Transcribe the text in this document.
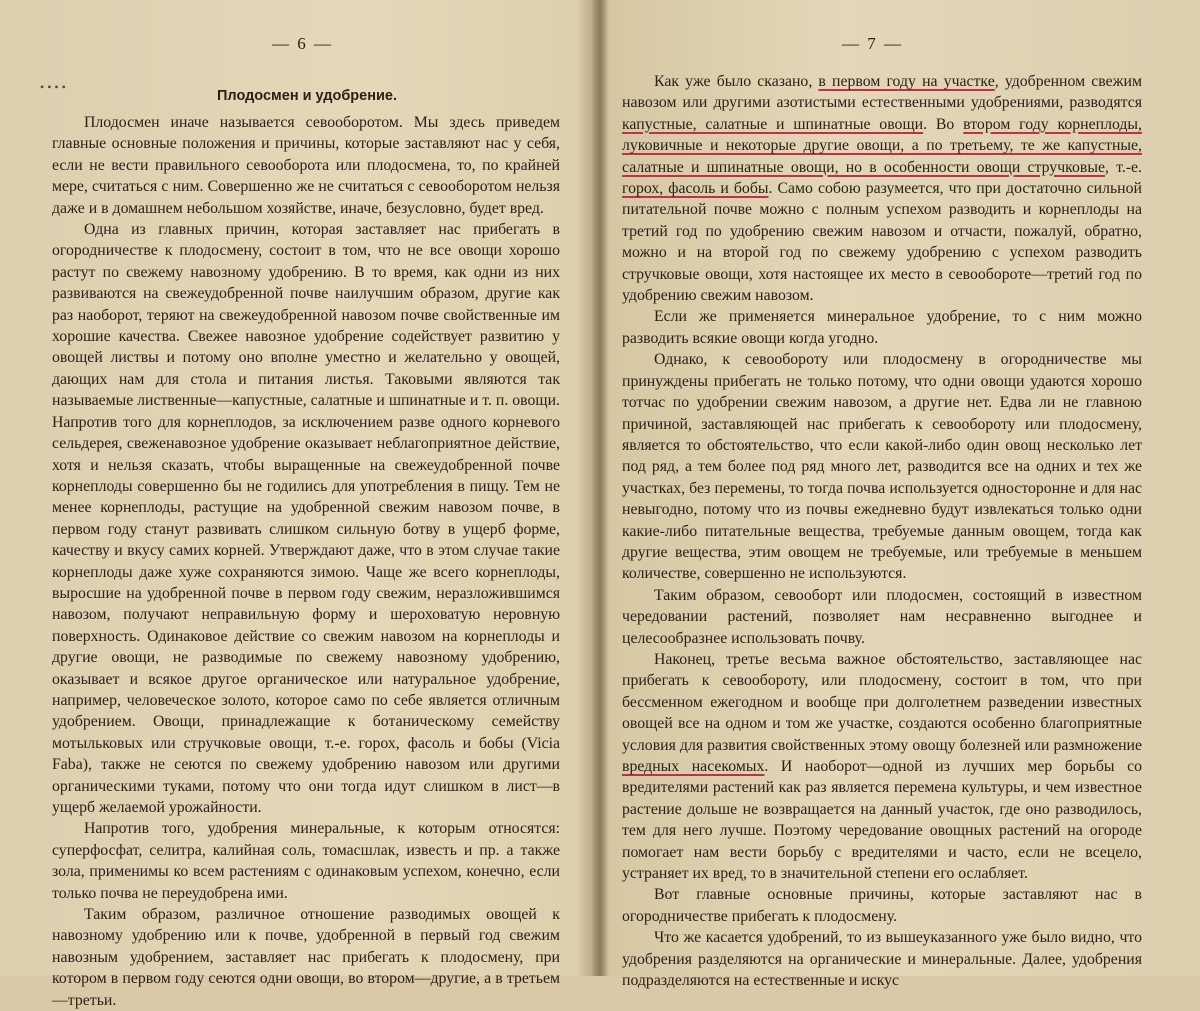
— 6 —
• • • •
Плодосмен и удобрение.

Плодосмен иначе называется севооборотом. Мы здесь приведем главные основные положения и причины, которые заставляют нас у себя, если не вести правильного севооборота или плодосмена, то, по крайней мере, считаться с ним. Совершенно же не считаться с севооборотом нельзя даже и в домашнем небольшом хозяйстве, иначе, безусловно, будет вред.

Одна из главных причин, которая заставляет нас прибегать в огородничестве к плодосмену, состоит в том, что не все овощи хорошо растут по свежему навозному удобрению. В то время, как одни из них развиваются на свежеудобренной почве наилучшим образом, другие как раз наоборот, теряют на свежеудобренной навозом почве свойственные им хорошие качества. Свежее навозное удобрение содействует развитию у овощей листвы и потому оно вполне уместно и желательно у овощей, дающих нам для стола и питания листья. Таковыми являются так называемые лиственные—капустные, салатные и шпинатные и т. п. овощи. Напротив того для корнеплодов, за исключением разве одного корневого сельдерея, свеженавозное удобрение оказывает неблагоприятное действие, хотя и нельзя сказать, чтобы выращенные на свежеудобренной почве корнеплоды совершенно бы не годились для употребления в пищу. Тем не менее корнеплоды, растущие на удобренной свежим навозом почве, в первом году станут развивать слишком сильную ботву в ущерб форме, качеству и вкусу самих корней. Утверждают даже, что в этом случае такие корнеплоды даже хуже сохраняются зимою. Чаще же всего корнеплоды, выросшие на удобренной почве в первом году свежим, неразложившимся навозом, получают неправильную форму и шероховатую неровную поверхность. Одинаковое действие со свежим навозом на корнеплоды и другие овощи, не разводимые по свежему навозному удобрению, оказывает и всякое другое органическое или натуральное удобрение, например, человеческое золото, которое само по себе является отличным удобрением. Овощи, принадлежащие к ботаническому семейству мотыльковых или стручковые овощи, т.-е. горох, фасоль и бобы (Vicia Faba), также не сеются по свежему удобрению навозом или другими органическими туками, потому что они тогда идут слишком в лист—в ущерб желаемой урожайности.

Напротив того, удобрения минеральные, к которым относятся: суперфосфат, селитра, калийная соль, томасшлак, известь и пр. а также зола, применимы ко всем растениям с одинаковым успехом, конечно, если только почва не переудобрена ими.

Таким образом, различное отношение разводимых овощей к навозному удобрению или к почве, удобренной в первый год свежим навозным удобрением, заставляет нас прибегать к плодосмену, при котором в первом году сеются одни овощи, во втором—другие, а в третьем—третьи.

— 7 —

Как уже было сказано, в первом году на участке, удобренном свежим навозом или другими азотистыми естественными удобрениями, разводятся капустные, салатные и шпинатные овощи. Во втором году корнеплоды, луковичные и некоторые другие овощи, а по третьему, те же капустные, салатные и шпинатные овощи, но в особенности овощи стручковые, т.-е. горох, фасоль и бобы. Само собою разумеется, что при достаточно сильной питательной почве можно с полным успехом разводить и корнеплоды на третий год по удобрению свежим навозом и отчасти, пожалуй, обратно, можно и на второй год по свежему удобрению с успехом разводить стручковые овощи, хотя настоящее их место в севообороте—третий год по удобрению свежим навозом.

Если же применяется минеральное удобрение, то с ним можно разводить всякие овощи когда угодно.

Однако, к севообороту или плодосмену в огородничестве мы принуждены прибегать не только потому, что одни овощи удаются хорошо тотчас по удобрении свежим навозом, а другие нет. Едва ли не главною причиной, заставляющей нас прибегать к севообороту или плодосмену, является то обстоятельство, что если какой-либо один овощ несколько лет под ряд, а тем более под ряд много лет, разводится все на одних и тех же участках, без перемены, то тогда почва используется односторонне и для нас невыгодно, потому что из почвы ежедневно будут извлекаться только одни какие-либо питательные вещества, требуемые данным овощем, тогда как другие вещества, этим овощем не требуемые, или требуемые в меньшем количестве, совершенно не используются.

Таким образом, севооборт или плодосмен, состоящий в известном чередовании растений, позволяет нам несравненно выгоднее и целесообразнее использовать почву.

Наконец, третье весьма важное обстоятельство, заставляющее нас прибегать к севообороту, или плодосмену, состоит в том, что при бессменном ежегодном и вообще при долголетнем разведении известных овощей все на одном и том же участке, создаются особенно благоприятные условия для развития свойственных этому овощу болезней или размножение вредных насекомых. И наоборот—одной из лучших мер борьбы со вредителями растений как раз является перемена культуры, и чем известное растение дольше не возвращается на данный участок, где оно разводилось, тем для него лучше. Поэтому чередование овощных растений на огороде помогает нам вести борьбу с вредителями и часто, если не всецело, устраняет их вред, то в значительной степени его ослабляет.

Вот главные основные причины, которые заставляют нас в огородничестве прибегать к плодосмену.

Что же касается удобрений, то из вышеуказанного уже было видно, что удобрения разделяются на органические и минеральные. Далее, удобрения подразделяются на естественные и искус
